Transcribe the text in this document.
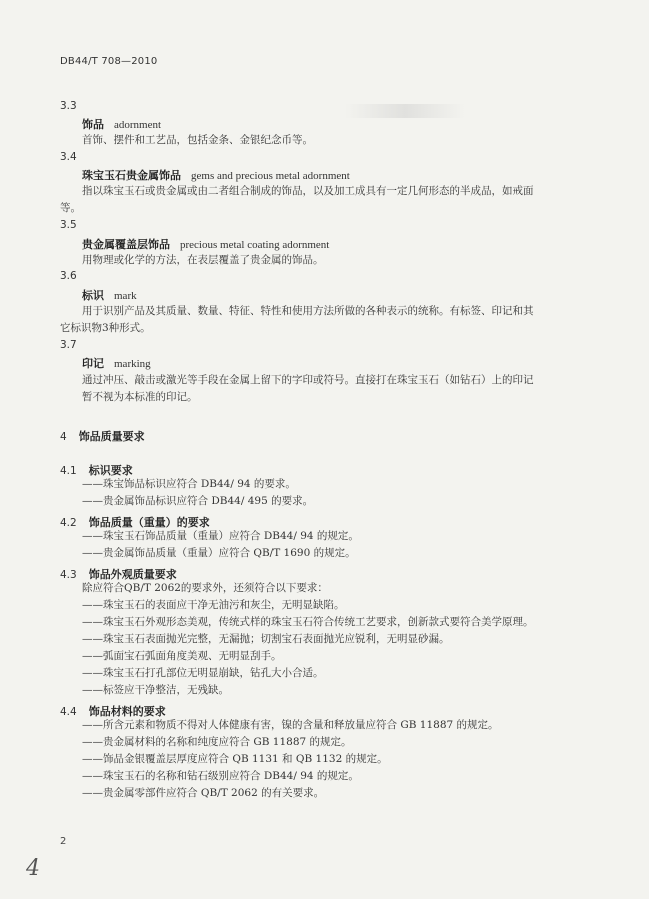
DB44/T 708—2010
3.3
饰品 adornment
首饰、摆件和工艺品，包括金条、金银纪念币等。
3.4
珠宝玉石贵金属饰品 gems and precious metal adornment
指以珠宝玉石或贵金属或由二者组合制成的饰品，以及加工成具有一定几何形态的半成品，如戒面
等。
3.5
贵金属覆盖层饰品 precious metal coating adornment
用物理或化学的方法，在表层覆盖了贵金属的饰品。
3.6
标识 mark
用于识别产品及其质量、数量、特征、特性和使用方法所做的各种表示的统称。有标签、印记和其
它标识物3种形式。
3.7
印记 marking
通过冲压、敲击或激光等手段在金属上留下的字印或符号。直接打在珠宝玉石（如钻石）上的印记
暂不视为本标准的印记。
4 饰品质量要求
4.1 标识要求
——珠宝饰品标识应符合 DB44/ 94 的要求。
——贵金属饰品标识应符合 DB44/ 495 的要求。
4.2 饰品质量（重量）的要求
——珠宝玉石饰品质量（重量）应符合 DB44/ 94 的规定。
——贵金属饰品质量（重量）应符合 QB/T 1690 的规定。
4.3 饰品外观质量要求
除应符合QB/T 2062的要求外，还须符合以下要求：
——珠宝玉石的表面应干净无油污和灰尘，无明显缺陷。
——珠宝玉石外观形态美观，传统式样的珠宝玉石符合传统工艺要求，创新款式要符合美学原理。
——珠宝玉石表面抛光完整，无漏抛；切割宝石表面抛光应锐利，无明显砂漏。
——弧面宝石弧面角度美观、无明显刮手。
——珠宝玉石打孔部位无明显崩缺，钻孔大小合适。
——标签应干净整洁，无残缺。
4.4 饰品材料的要求
——所含元素和物质不得对人体健康有害，镍的含量和释放量应符合 GB 11887 的规定。
——贵金属材料的名称和纯度应符合 GB 11887 的规定。
——饰品金银覆盖层厚度应符合 QB 1131 和 QB 1132 的规定。
——珠宝玉石的名称和钻石级别应符合 DB44/ 94 的规定。
——贵金属零部件应符合 QB/T 2062 的有关要求。
2
4
